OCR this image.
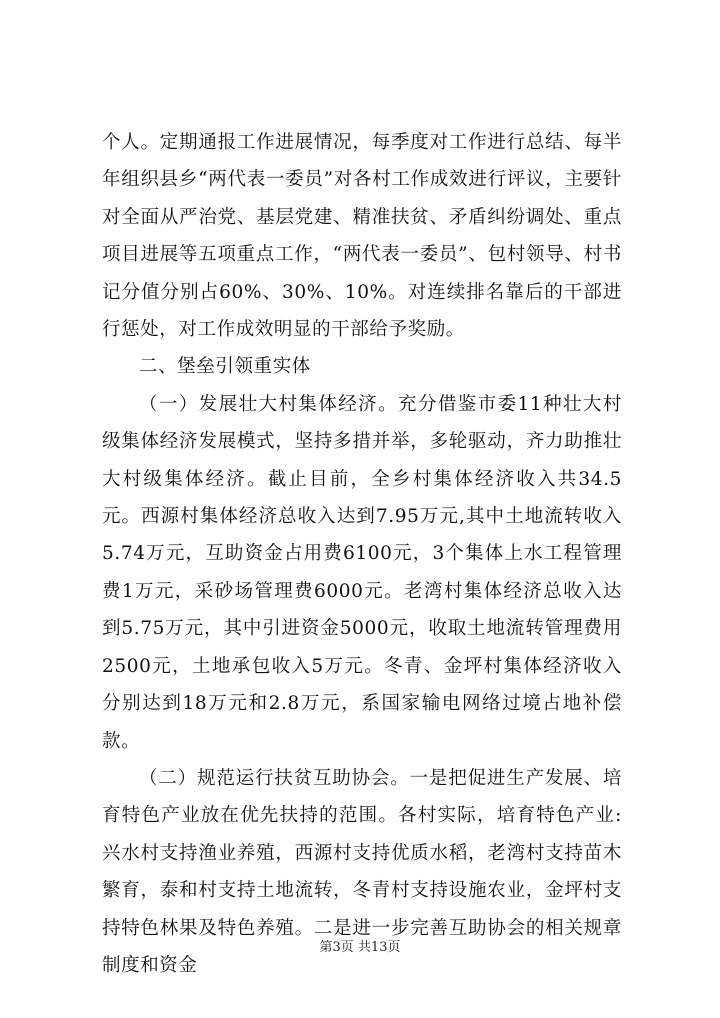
个人。定期通报工作进展情况，每季度对工作进行总结、每半年组织县乡“两代表一委员”对各村工作成效进行评议，主要针对全面从严治党、基层党建、精准扶贫、矛盾纠纷调处、重点项目进展等五项重点工作，“两代表一委员”、包村领导、村书记分值分别占60%、30%、10%。对连续排名靠后的干部进行惩处，对工作成效明显的干部给予奖励。

二、堡垒引领重实体

（一）发展壮大村集体经济。充分借鉴市委11种壮大村级集体经济发展模式，坚持多措并举，多轮驱动，齐力助推壮大村级集体经济。截止目前，全乡村集体经济收入共34.5元。西源村集体经济总收入达到7.95万元,其中土地流转收入5.74万元，互助资金占用费6100元，3个集体上水工程管理费1万元，采砂场管理费6000元。老湾村集体经济总收入达到5.75万元，其中引进资金5000元，收取土地流转管理费用2500元，土地承包收入5万元。冬青、金坪村集体经济收入分别达到18万元和2.8万元，系国家输电网络过境占地补偿款。

（二）规范运行扶贫互助协会。一是把促进生产发展、培育特色产业放在优先扶持的范围。各村实际，培育特色产业:兴水村支持渔业养殖，西源村支持优质水稻，老湾村支持苗木繁育，泰和村支持土地流转，冬青村支持设施农业，金坪村支持特色林果及特色养殖。二是进一步完善互助协会的相关规章制度和资金

第3页 共13页
